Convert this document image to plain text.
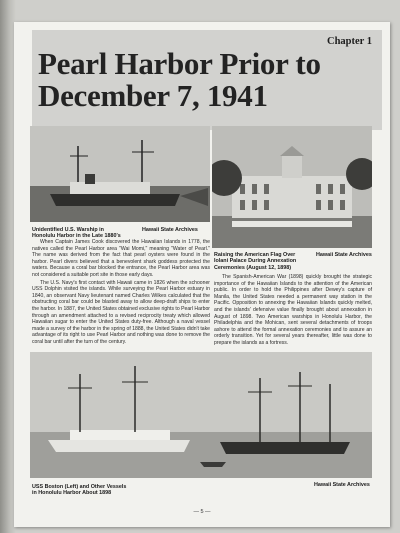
Chapter 1
Pearl Harbor Prior to
December 7, 1941
Unidentified U.S. Warship in
Honolulu Harbor in the Late 1880's
Hawaii State Archives
Raising the American Flag Over
Iolani Palace During Annexation
Ceremonies (August 12, 1898)
Hawaii State Archives

When Captain James Cook discovered the Hawaiian Islands in 1778, the natives called the Pearl Harbor area "Wai Momi," meaning "Water of Pearl." The name was derived from the fact that pearl oysters were found in the harbor. Pearl divers believed that a benevolent shark goddess protected the waters. Because a coral bar blocked the entrance, the Pearl Harbor area was not considered a suitable port site in those early days.

The U.S. Navy's first contact with Hawaii came in 1826 when the schooner USS Dolphin visited the islands. While surveying the Pearl Harbor estuary in 1840, an observant Navy lieutenant named Charles Wilkes calculated that the obstructing coral bar could be blasted away to allow deep-draft ships to enter the harbor. In 1887, the United States obtained exclusive rights to Pearl Harbor through an amendment attached to a revised reciprocity treaty which allowed Hawaiian sugar to enter the United States duty-free. Although a naval vessel made a survey of the harbor in the spring of 1888, the United States didn't take advantage of its right to use Pearl Harbor and nothing was done to remove the coral bar until after the turn of the century.

The Spanish-American War (1898) quickly brought the strategic importance of the Hawaiian Islands to the attention of the American public. In order to hold the Philippines after Dewey's capture of Manila, the United States needed a permanent way station in the Pacific. Opposition to annexing the Hawaiian Islands quickly melted, and the islands' defensive value finally brought about annexation in August of 1898. Two American warships in Honolulu Harbor, the Philadelphia and the Mohican, sent several detachments of troops ashore to attend the formal annexation ceremonies and to assure an orderly transition. Yet for several years thereafter, little was done to prepare the islands as a fortress.

USS Boston (Left) and Other Vessels
in Honolulu Harbor About 1898
Hawaii State Archives
— 5 —
